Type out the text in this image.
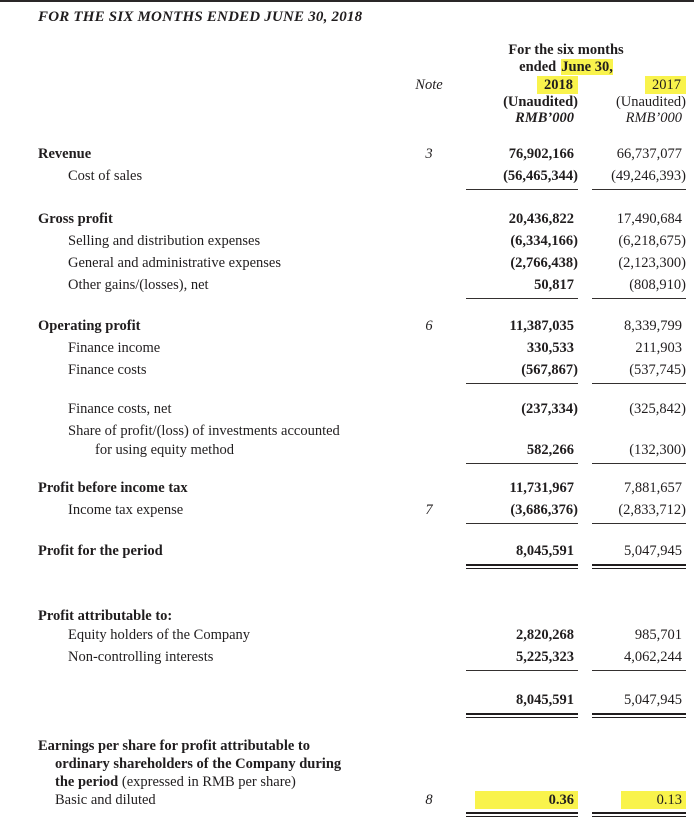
FOR THE SIX MONTHS ENDED JUNE 30, 2018
For the six months
ended June 30,
Note	2018	2017
(Unaudited)	(Unaudited)
RMB’000	RMB’000
Revenue	3	76,902,166	66,737,077
Cost of sales	(56,465,344)	(49,246,393)
Gross profit	20,436,822	17,490,684
Selling and distribution expenses	(6,334,166)	(6,218,675)
General and administrative expenses	(2,766,438)	(2,123,300)
Other gains/(losses), net	50,817	(808,910)
Operating profit	6	11,387,035	8,339,799
Finance income	330,533	211,903
Finance costs	(567,867)	(537,745)
Finance costs, net	(237,334)	(325,842)
Share of profit/(loss) of investments accounted
for using equity method	582,266	(132,300)
Profit before income tax	11,731,967	7,881,657
Income tax expense	7	(3,686,376)	(2,833,712)
Profit for the period	8,045,591	5,047,945
Profit attributable to:
Equity holders of the Company	2,820,268	985,701
Non-controlling interests	5,225,323	4,062,244
8,045,591	5,047,945
Earnings per share for profit attributable to
ordinary shareholders of the Company during
the period (expressed in RMB per share)
Basic and diluted	8	0.36	0.13
